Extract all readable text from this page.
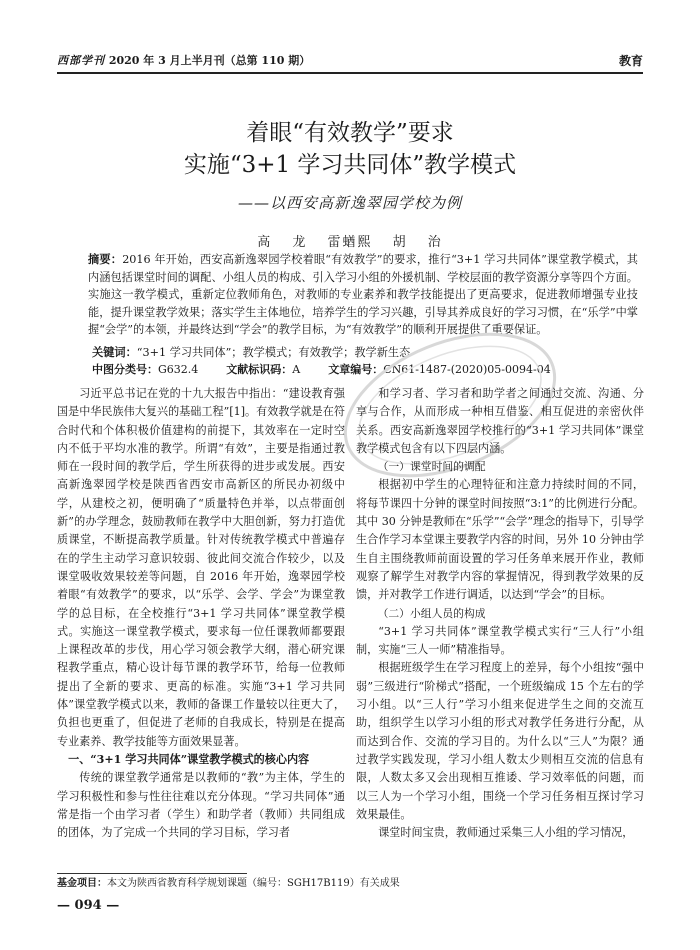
西部学刊 2020 年 3 月上半月刊（总第 110 期）	教育
着眼“有效教学”要求
实施“3+1 学习共同体”教学模式
——以西安高新逸翠园学校为例
高 龙 雷蝤熙 胡 治
摘要：2016 年开始，西安高新逸翠园学校着眼“有效教学”的要求，推行“3+1 学习共同体”课堂教学模式，其内涵包括课堂时间的调配、小组人员的构成、引入学习小组的外援机制、学校层面的教学资源分享等四个方面。实施这一教学模式，重新定位教师角色，对教师的专业素养和教学技能提出了更高要求，促进教师增强专业技能，提升课堂教学效果；落实学生主体地位，培养学生的学习兴趣，引导其养成良好的学习习惯，在“乐学”中掌握“会学”的本领，并最终达到“学会”的教学目标，为“有效教学”的顺利开展提供了重要保证。
关键词：“3+1 学习共同体”；教学模式；有效教学；教学新生态
中图分类号：G632.4	文献标识码：A	文章编号：CN61-1487-(2020)05-0094-04

习近平总书记在党的十九大报告中指出：“建设教育强国是中华民族伟大复兴的基础工程”[1]。有效教学就是在符合时代和个体积极价值建构的前提下，其效率在一定时空内不低于平均水准的教学。所谓“有效”，主要是指通过教师在一段时间的教学后，学生所获得的进步或发展。西安高新逸翠园学校是陕西省西安市高新区的所民办初级中学，从建校之初，便明确了“质量特色并举，以点带面创新”的办学理念，鼓励教师在教学中大胆创新，努力打造优质课堂，不断提高教学质量。针对传统教学模式中普遍存在的学生主动学习意识较弱、彼此间交流合作较少，以及课堂吸收效果较差等问题，自 2016 年开始，逸翠园学校着眼“有效教学”的要求，以“乐学、会学、学会”为课堂教学的总目标，在全校推行“3+1 学习共同体”课堂教学模式。实施这一课堂教学模式，要求每一位任课教师都要跟上课程改革的步伐，用心学习领会教学大纲，潜心研究课程教学重点，精心设计每节课的教学环节，给每一位教师提出了全新的要求、更高的标准。实施“3+1 学习共同体”课堂教学模式以来，教师的备课工作量较以往更大了，负担也更重了，但促进了老师的自我成长，特别是在提高专业素养、教学技能等方面效果显著。

一、“3+1 学习共同体”课堂教学模式的核心内容

传统的课堂教学通常是以教师的“教”为主体，学生的学习积极性和参与性往往难以充分体现。“学习共同体”通常是指一个由学习者（学生）和助学者（教师）共同组成的团体，为了完成一个共同的学习目标，学习者

和学习者、学习者和助学者之间通过交流、沟通、分享与合作，从而形成一种相互借鉴、相互促进的亲密伙伴关系。西安高新逸翠园学校推行的“3+1 学习共同体”课堂教学模式包含有以下四层内涵。

（一）课堂时间的调配

根据初中学生的心理特征和注意力持续时间的不同，将每节课四十分钟的课堂时间按照“3:1”的比例进行分配。其中 30 分钟是教师在“乐学”“会学”理念的指导下，引导学生合作学习本堂课主要教学内容的时间，另外 10 分钟由学生自主围绕教师前面设置的学习任务单来展开作业，教师观察了解学生对教学内容的掌握情况，得到教学效果的反馈，并对教学工作进行调适，以达到“学会”的目标。

（二）小组人员的构成

“3+1 学习共同体”课堂教学模式实行“三人行”小组制，实施“三人一师”精准指导。

根据班级学生在学习程度上的差异，每个小组按“强中弱”三级进行“阶梯式”搭配，一个班级编成 15 个左右的学习小组。以“三人行”学习小组来促进学生之间的交流互助，组织学生以学习小组的形式对教学任务进行分配，从而达到合作、交流的学习目的。为什么以“三人”为限？通过教学实践发现，学习小组人数太少则相互交流的信息有限，人数太多又会出现相互推诿、学习效率低的问题，而以三人为一个学习小组，围绕一个学习任务相互探讨学习效果最佳。

课堂时间宝贵，教师通过采集三人小组的学习情况，

基金项目：本文为陕西省教育科学规划课题（编号：SGH17B119）有关成果
— 094 —
